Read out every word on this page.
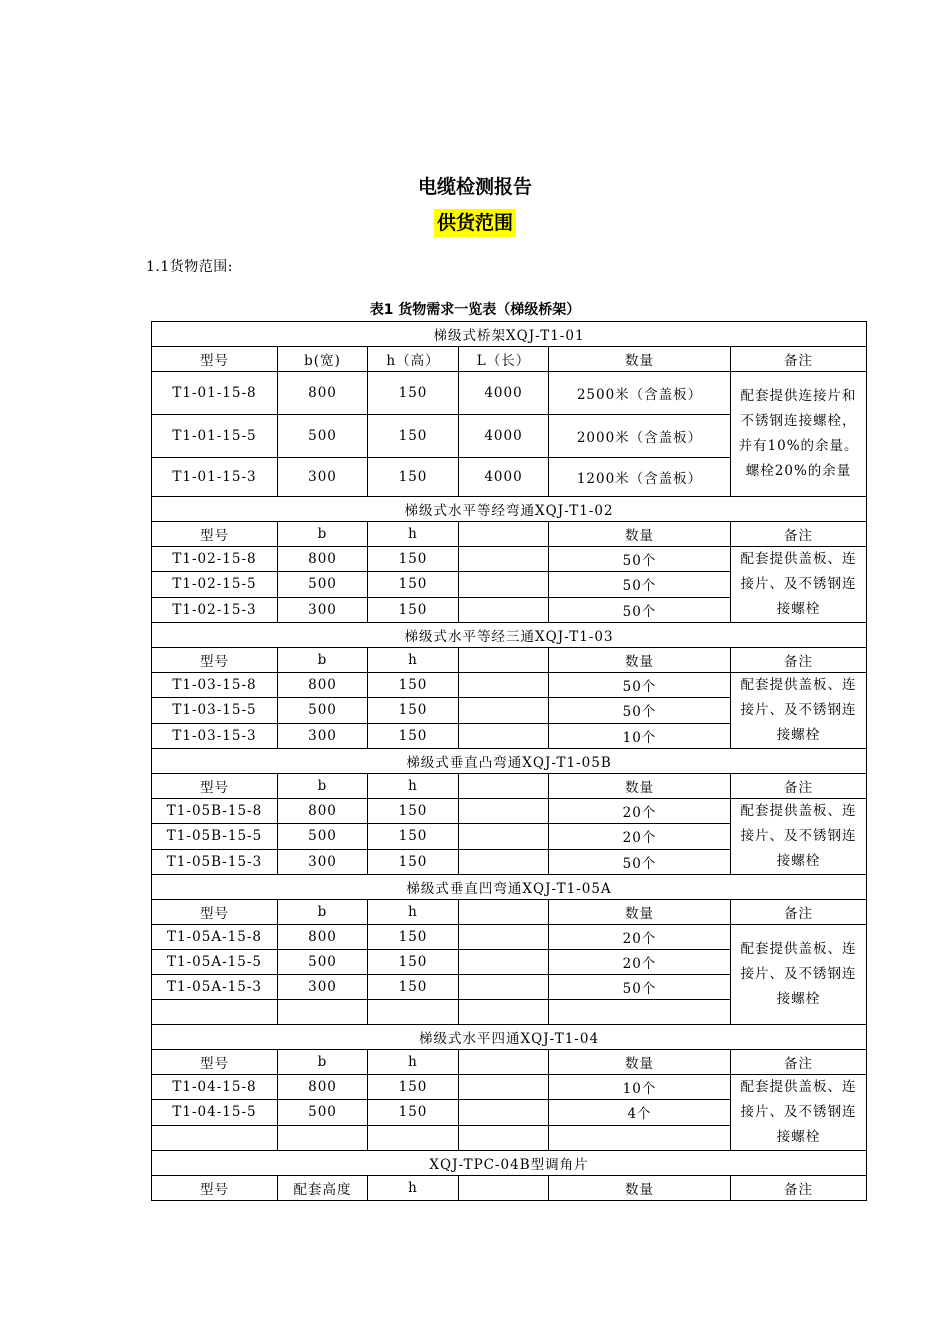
电缆检测报告
供货范围
1.1货物范围:
表1 货物需求一览表（梯级桥架）
梯级式桥架XQJ-T1-01					
型号	b(宽)	h（高）	L（长）	数量	备注
T1-01-15-8	800	150	4000	2500米（含盖板）	配套提供连接片和不锈钢连接螺栓，并有10%的余量。螺栓20%的余量
T1-01-15-5	500	150	4000	2000米（含盖板）	
T1-01-15-3	300	150	4000	1200米（含盖板）	
梯级式水平等经弯通XQJ-T1-02					
型号	b	h		数量	备注
T1-02-15-8	800	150		50个	配套提供盖板、连接片、及不锈钢连接螺栓
T1-02-15-5	500	150		50个	
T1-02-15-3	300	150		50个	
梯级式水平等经三通XQJ-T1-03					
型号	b	h		数量	备注
T1-03-15-8	800	150		50个	配套提供盖板、连接片、及不锈钢连接螺栓
T1-03-15-5	500	150		50个	
T1-03-15-3	300	150		10个	
梯级式垂直凸弯通XQJ-T1-05B					
型号	b	h		数量	备注
T1-05B-15-8	800	150		20个	配套提供盖板、连接片、及不锈钢连接螺栓
T1-05B-15-5	500	150		20个	
T1-05B-15-3	300	150		50个	
梯级式垂直凹弯通XQJ-T1-05A					
型号	b	h		数量	备注
T1-05A-15-8	800	150		20个	配套提供盖板、连接片、及不锈钢连接螺栓
T1-05A-15-5	500	150		20个	
T1-05A-15-3	300	150		50个	

梯级式水平四通XQJ-T1-04					
型号	b	h		数量	备注
T1-04-15-8	800	150		10个	配套提供盖板、连接片、及不锈钢连接螺栓
T1-04-15-5	500	150		4个	

XQJ-TPC-04B型调角片					
型号	配套高度	h		数量	备注
